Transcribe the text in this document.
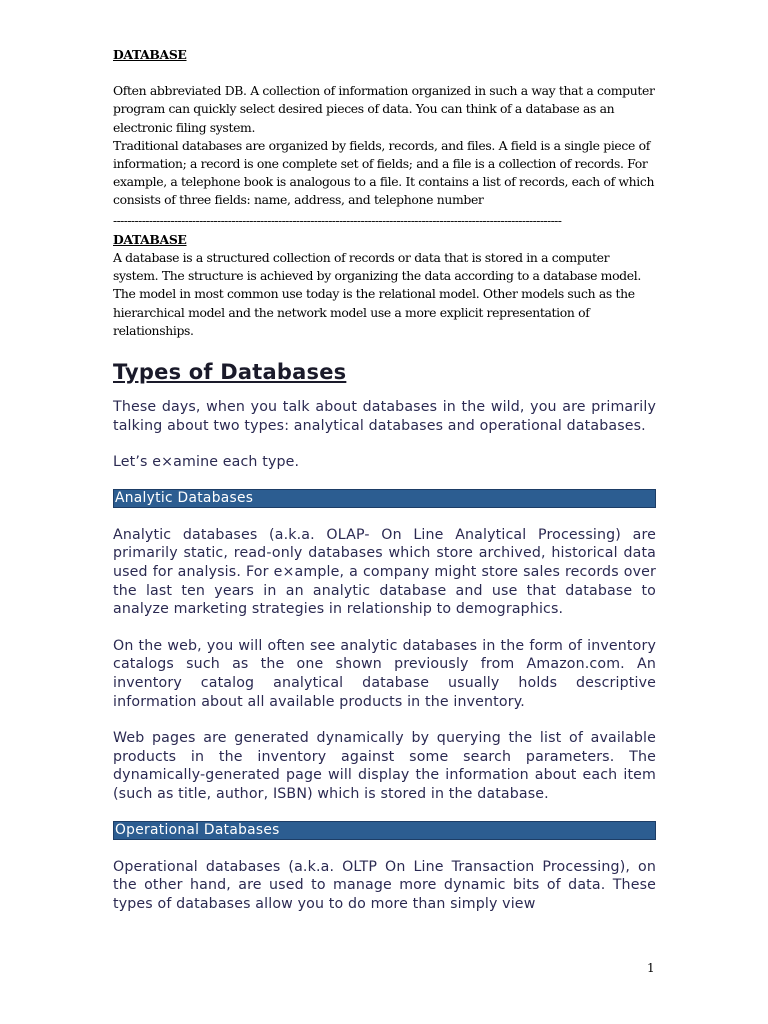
DATABASE

Often abbreviated DB. A collection of information organized in such a way that a computer program can quickly select desired pieces of data. You can think of a database as an electronic filing system.

Traditional databases are organized by fields, records, and files. A field is a single piece of information; a record is one complete set of fields; and a file is a collection of records. For example, a telephone book is analogous to a file. It contains a list of records, each of which consists of three fields: name, address, and telephone number

-----------------------------------------------------------------------------------------------------------------------------

DATABASE

A database is a structured collection of records or data that is stored in a computer system. The structure is achieved by organizing the data according to a database model. The model in most common use today is the relational model. Other models such as the hierarchical model and the network model use a more explicit representation of relationships.

Types of Databases

These days, when you talk about databases in the wild, you are primarily talking about two types: analytical databases and operational databases.

Let’s e×amine each type.

Analytic Databases

Analytic databases (a.k.a. OLAP- On Line Analytical Processing) are primarily static, read-only databases which store archived, historical data used for analysis. For e×ample, a company might store sales records over the last ten years in an analytic database and use that database to analyze marketing strategies in relationship to demographics.

On the web, you will often see analytic databases in the form of inventory catalogs such as the one shown previously from Amazon.com. An inventory catalog analytical database usually holds descriptive information about all available products in the inventory.

Web pages are generated dynamically by querying the list of available products in the inventory against some search parameters. The dynamically-generated page will display the information about each item (such as title, author, ISBN) which is stored in the database.

Operational Databases

Operational databases (a.k.a. OLTP On Line Transaction Processing), on the other hand, are used to manage more dynamic bits of data. These types of databases allow you to do more than simply view

1
